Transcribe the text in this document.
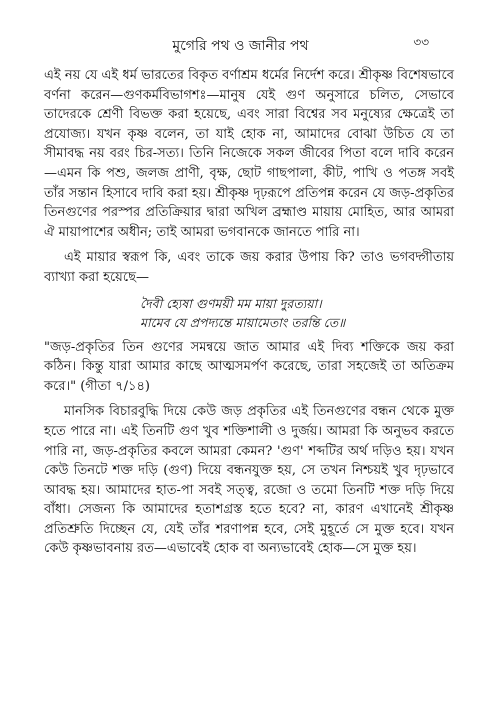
মুগেরি পথ ও জানীর পথ	৩৩

এই নয় যে এই ধর্ম ভারতের বিকৃত বর্ণাশ্রম ধর্মের নির্দেশ করে। শ্রীকৃষ্ণ বিশেষভাবে বর্ণনা করেন—গুণকর্মবিভাগশঃ—মানুষ যেই গুণ অনুসারে চলিত, সেভাবে তাদেরকে শ্রেণী বিভক্ত করা হয়েছে, এবং সারা বিশ্বের সব মনুষ্যের ক্ষেত্রেই তা প্রযোজ্য। যখন কৃষ্ণ বলেন, তা যাই হোক না, আমাদের বোঝা উচিত যে তা সীমাবদ্ধ নয় বরং চির-সত্য। তিনি নিজেকে সকল জীবের পিতা বলে দাবি করেন—এমন কি পশু, জলজ প্রাণী, বৃক্ষ, ছোট গাছপালা, কীট, পাখি ও পতঙ্গ সবই তাঁর সন্তান হিসাবে দাবি করা হয়। শ্রীকৃষ্ণ দৃঢ়রূপে প্রতিপন্ন করেন যে জড়-প্রকৃতির তিনগুণের পরস্পর প্রতিক্রিয়ার দ্বারা অখিল ব্রহ্মাণ্ড মায়ায় মোহিত, আর আমরা ঐ মায়াপাশের অধীন; তাই আমরা ভগবানকে জানতে পারি না।

এই মায়ার স্বরূপ কি, এবং তাকে জয় করার উপায় কি? তাও ভগবদ্গীতায় ব্যাখ্যা করা হয়েছে—

দৈবী হ্যেষা গুণময়ী মম মায়া দুরত্যয়া।

মামেব যে প্রপদ্যন্তে মায়ামেতাং তরন্তি তে॥

"জড়-প্রকৃতির তিন গুণের সমন্বয়ে জাত আমার এই দিব্য শক্তিকে জয় করা কঠিন। কিন্তু যারা আমার কাছে আত্মসমর্পণ করেছে, তারা সহজেই তা অতিক্রম করে।" (গীতা ৭/১৪)

মানসিক বিচারবুদ্ধি দিয়ে কেউ জড় প্রকৃতির এই তিনগুণের বন্ধন থেকে মুক্ত হতে পারে না। এই তিনটি গুণ খুব শক্তিশালী ও দুর্জয়। আমরা কি অনুভব করতে পারি না, জড়-প্রকৃতির কবলে আমরা কেমন? 'গুণ' শব্দটির অর্থ দড়িও হয়। যখন কেউ তিনটে শক্ত দড়ি (গুণ) দিয়ে বন্ধনযুক্ত হয়, সে তখন নিশ্চয়ই খুব দৃঢ়ভাবে আবদ্ধ হয়। আমাদের হাত-পা সবই সত্ত্ব, রজো ও তমো তিনটি শক্ত দড়ি দিয়ে বাঁধা। সেজন্য কি আমাদের হতাশগ্রস্ত হতে হবে? না, কারণ এখানেই শ্রীকৃষ্ণ প্রতিশ্রুতি দিচ্ছেন যে, যেই তাঁর শরণাপন্ন হবে, সেই মুহূর্তে সে মুক্ত হবে। যখন কেউ কৃষ্ণভাবনায় রত—এভাবেই হোক বা অন্যভাবেই হোক—সে মুক্ত হয়।
